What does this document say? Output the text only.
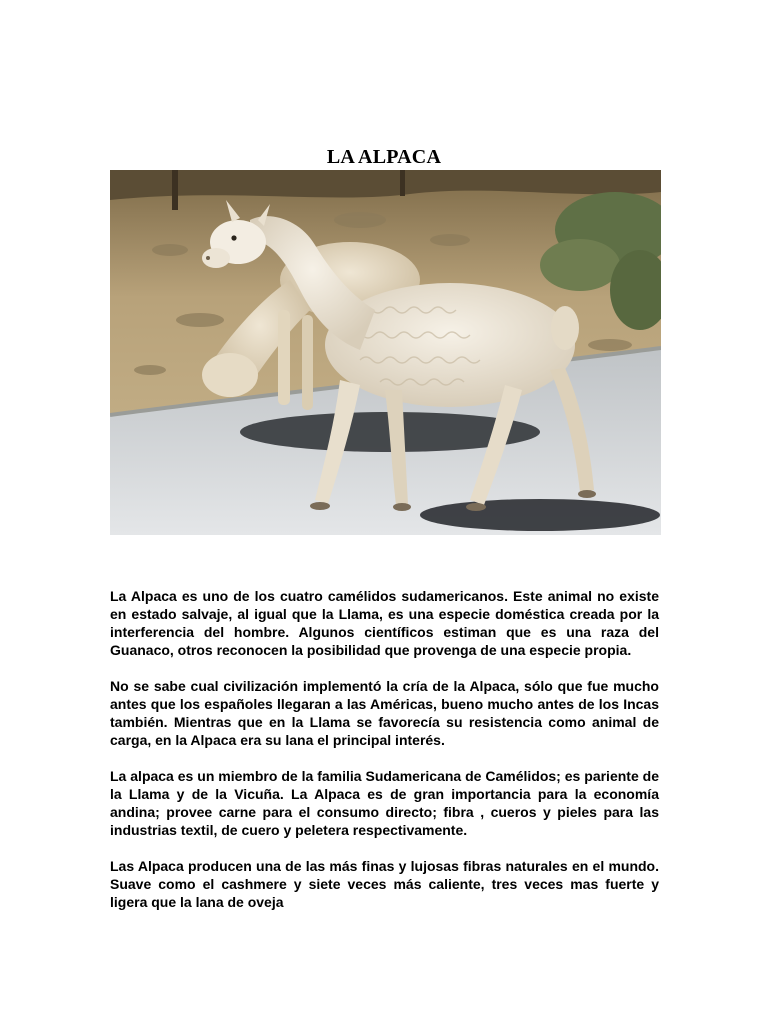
LA ALPACA

La Alpaca es uno de los cuatro camélidos sudamericanos. Este animal no existe en estado salvaje, al igual que la Llama, es una especie doméstica creada por la interferencia del hombre. Algunos científicos estiman que es una raza del Guanaco, otros reconocen la posibilidad que provenga de una especie propia.

No se sabe cual civilización implementó la cría de la Alpaca, sólo que fue mucho antes que los españoles llegaran a las Américas, bueno mucho antes de los Incas también. Mientras que en la Llama se favorecía su resistencia como animal de carga, en la Alpaca era su lana el principal interés.

La alpaca es un miembro de la familia Sudamericana de Camélidos; es pariente de la Llama y de la Vicuña. La Alpaca es de gran importancia para la economía andina; provee carne para el consumo directo; fibra , cueros y pieles para las industrias textil, de cuero y peletera respectivamente.

Las Alpaca producen una de las más finas y lujosas fibras naturales en el mundo. Suave como el cashmere y siete veces más caliente, tres veces mas fuerte y ligera que la lana de oveja
